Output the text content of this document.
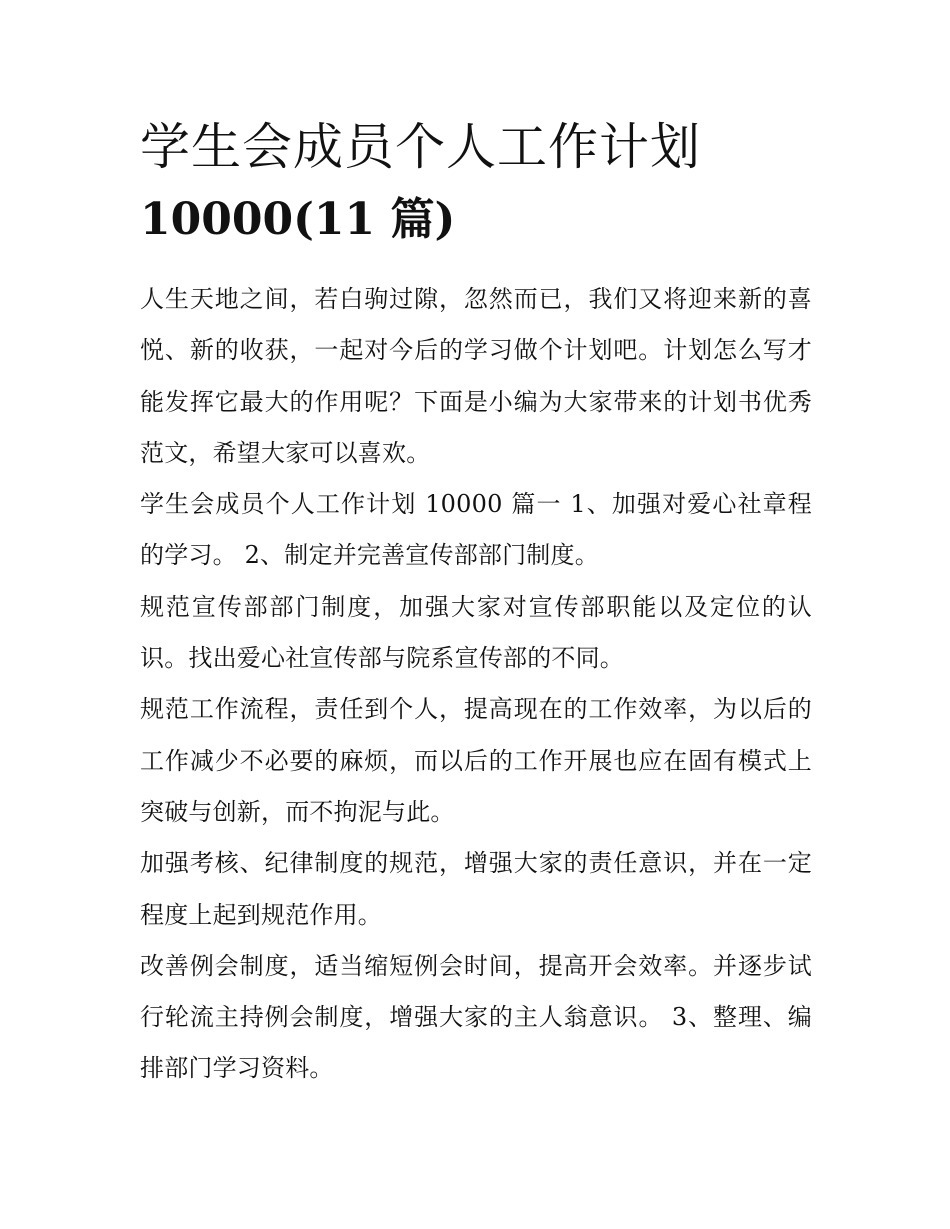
学生会成员个人工作计划
10000(11 篇)

人生天地之间，若白驹过隙，忽然而已，我们又将迎来新的喜悦、新的收获，一起对今后的学习做个计划吧。计划怎么写才能发挥它最大的作用呢？下面是小编为大家带来的计划书优秀范文，希望大家可以喜欢。

学生会成员个人工作计划 10000 篇一 1、加强对爱心社章程的学习。 2、制定并完善宣传部部门制度。

规范宣传部部门制度，加强大家对宣传部职能以及定位的认识。找出爱心社宣传部与院系宣传部的不同。

规范工作流程，责任到个人，提高现在的工作效率，为以后的工作减少不必要的麻烦，而以后的工作开展也应在固有模式上突破与创新，而不拘泥与此。

加强考核、纪律制度的规范，增强大家的责任意识，并在一定程度上起到规范作用。

改善例会制度，适当缩短例会时间，提高开会效率。并逐步试行轮流主持例会制度，增强大家的主人翁意识。 3、整理、编排部门学习资料。
